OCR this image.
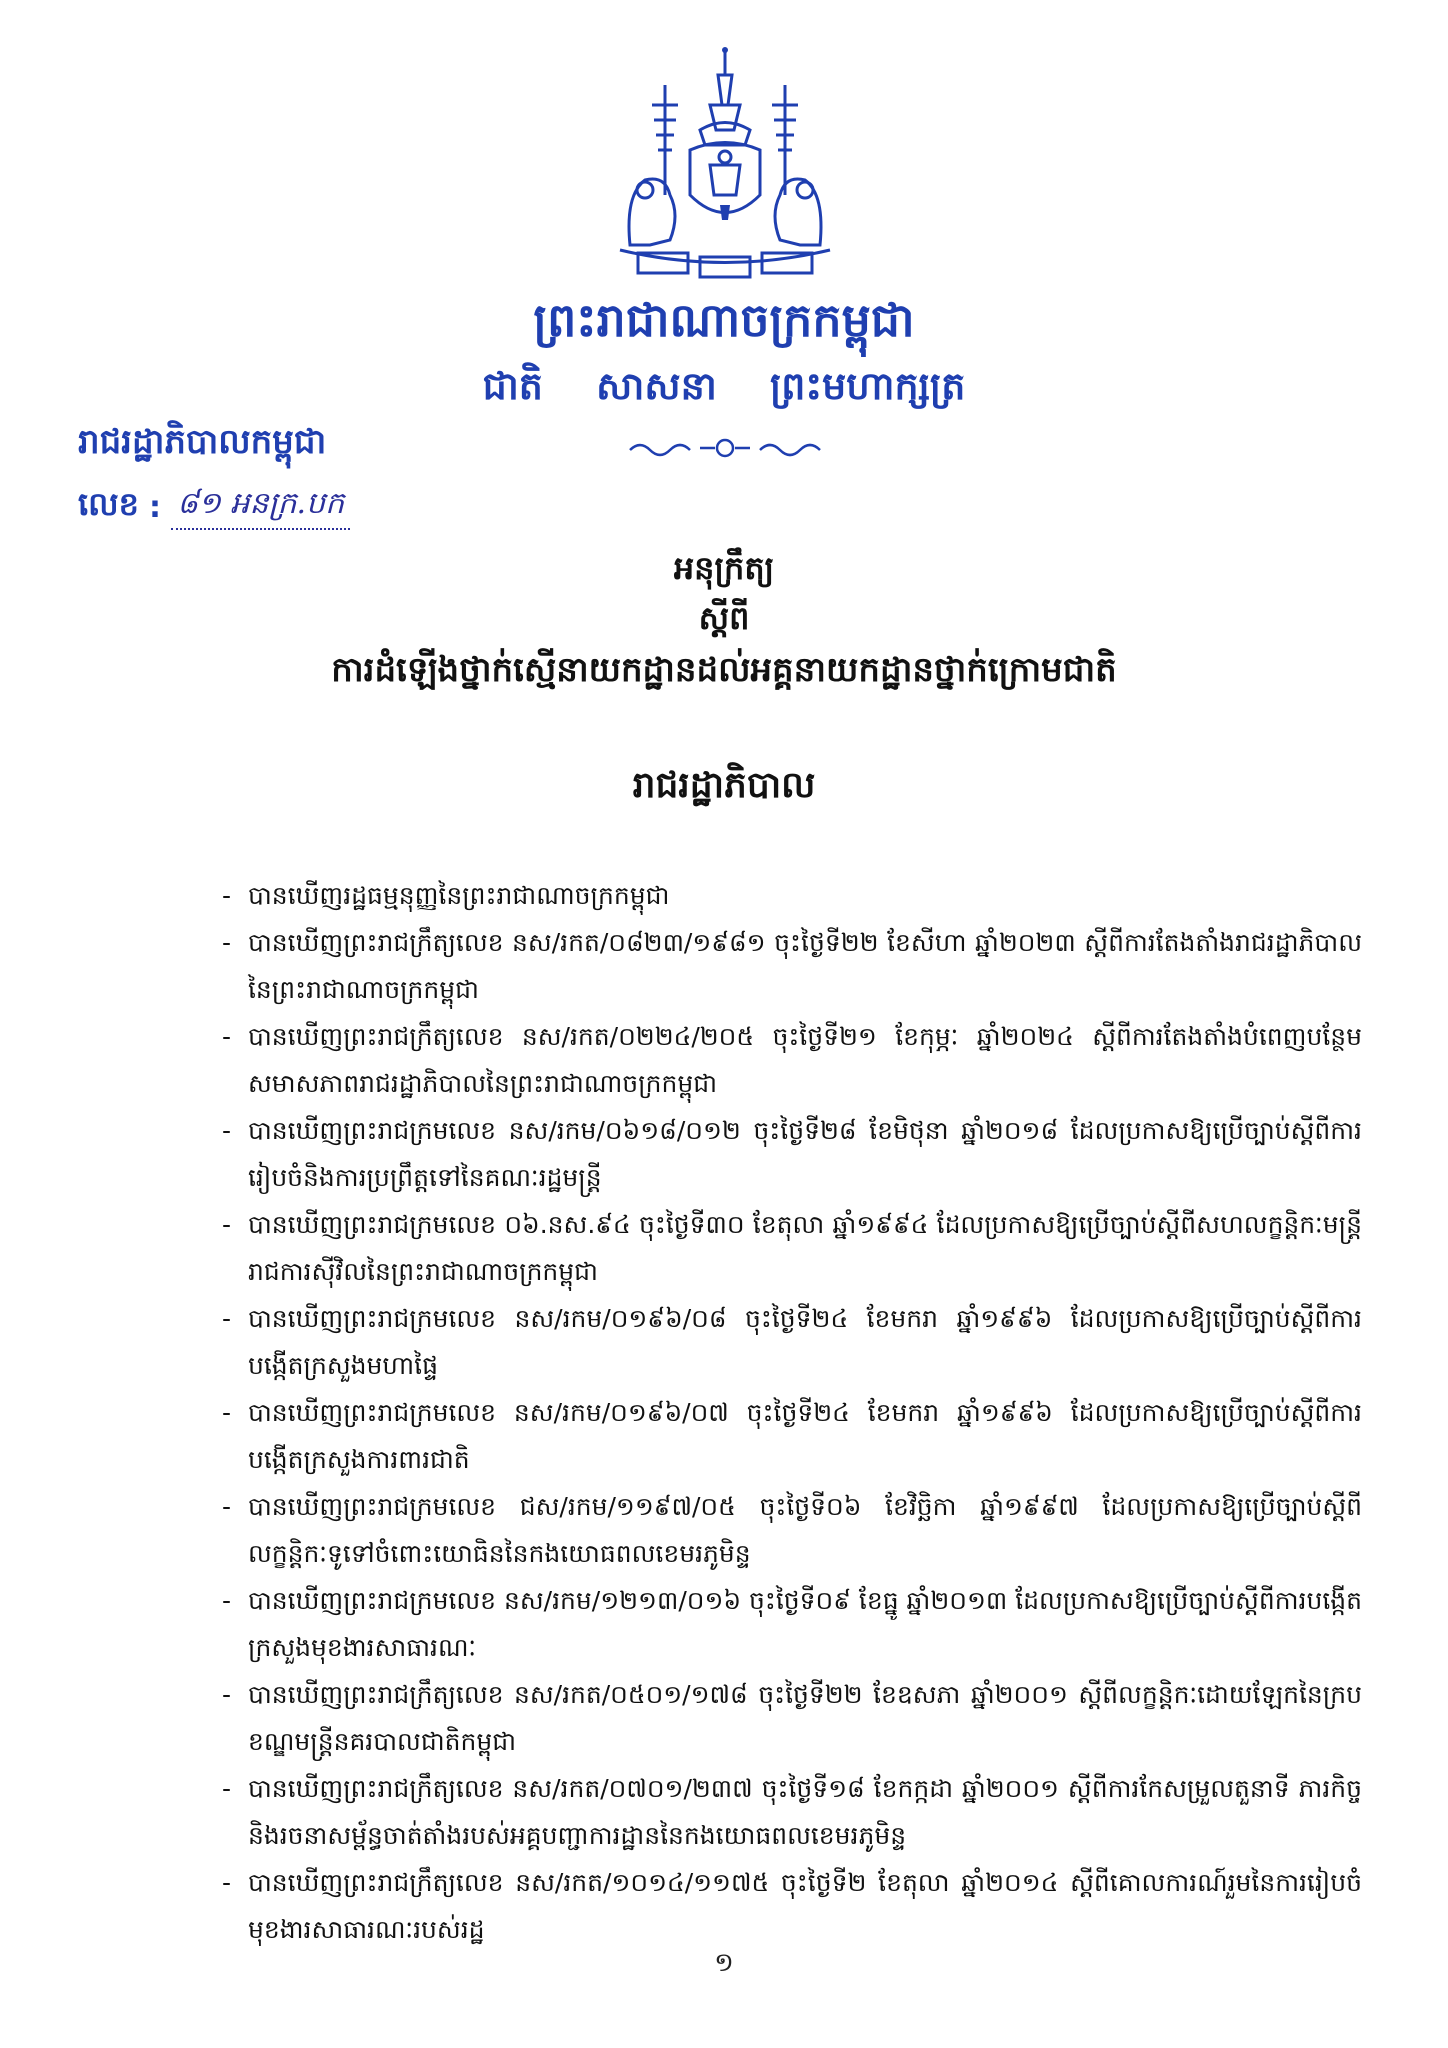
ព្រះរាជាណាចក្រកម្ពុជា
ជាតិ សាសនា ព្រះមហាក្សត្រ
រាជរដ្ឋាភិបាលកម្ពុជា
លេខ : ៨១ អនក្រ.បក
អនុក្រឹត្យ
ស្តីពី
ការដំឡើងថ្នាក់ស្មើនាយកដ្ឋានដល់អគ្គនាយកដ្ឋានថ្នាក់ក្រោមជាតិ
រាជរដ្ឋាភិបាល
- បានឃើញរដ្ឋធម្មនុញ្ញនៃព្រះរាជាណាចក្រកម្ពុជា
- បានឃើញព្រះរាជក្រឹត្យលេខ នស/រកត/០៨២៣/១៩៨១ ចុះថ្ងៃទី២២ ខែសីហា ឆ្នាំ២០២៣ ស្តីពីការតែងតាំងរាជរដ្ឋាភិបាលនៃព្រះរាជាណាចក្រកម្ពុជា
- បានឃើញព្រះរាជក្រឹត្យលេខ នស/រកត/០២២៤/២០៥ ចុះថ្ងៃទី២១ ខែកុម្ភៈ ឆ្នាំ២០២៤ ស្តីពីការតែងតាំងបំពេញបន្ថែមសមាសភាពរាជរដ្ឋាភិបាលនៃព្រះរាជាណាចក្រកម្ពុជា
- បានឃើញព្រះរាជក្រមលេខ នស/រកម/០៦១៨/០១២ ចុះថ្ងៃទី២៨ ខែមិថុនា ឆ្នាំ២០១៨ ដែលប្រកាសឱ្យប្រើច្បាប់ស្តីពីការរៀបចំនិងការប្រព្រឹត្តទៅនៃគណៈរដ្ឋមន្ត្រី
- បានឃើញព្រះរាជក្រមលេខ ០៦.នស.៩៤ ចុះថ្ងៃទី៣០ ខែតុលា ឆ្នាំ១៩៩៤ ដែលប្រកាសឱ្យប្រើច្បាប់ស្តីពីសហលក្ខន្តិកៈមន្ត្រីរាជការស៊ីវិលនៃព្រះរាជាណាចក្រកម្ពុជា
- បានឃើញព្រះរាជក្រមលេខ នស/រកម/០១៩៦/០៨ ចុះថ្ងៃទី២៤ ខែមករា ឆ្នាំ១៩៩៦ ដែលប្រកាសឱ្យប្រើច្បាប់ស្តីពីការបង្កើតក្រសួងមហាផ្ទៃ
- បានឃើញព្រះរាជក្រមលេខ នស/រកម/០១៩៦/០៧ ចុះថ្ងៃទី២៤ ខែមករា ឆ្នាំ១៩៩៦ ដែលប្រកាសឱ្យប្រើច្បាប់ស្តីពីការបង្កើតក្រសួងការពារជាតិ
- បានឃើញព្រះរាជក្រមលេខ ជស/រកម/១១៩៧/០៥ ចុះថ្ងៃទី០៦ ខែវិច្ឆិកា ឆ្នាំ១៩៩៧ ដែលប្រកាសឱ្យប្រើច្បាប់ស្តីពីលក្ខន្តិកៈទូទៅចំពោះយោធិននៃកងយោធពលខេមរភូមិន្ទ
- បានឃើញព្រះរាជក្រមលេខ នស/រកម/១២១៣/០១៦ ចុះថ្ងៃទី០៩ ខែធ្នូ ឆ្នាំ២០១៣ ដែលប្រកាសឱ្យប្រើច្បាប់ស្តីពីការបង្កើតក្រសួងមុខងារសាធារណៈ
- បានឃើញព្រះរាជក្រឹត្យលេខ នស/រកត/០៥០១/១៧៨ ចុះថ្ងៃទី២២ ខែឧសភា ឆ្នាំ២០០១ ស្តីពីលក្ខន្តិកៈដោយឡែកនៃក្របខណ្ឌមន្ត្រីនគរបាលជាតិកម្ពុជា
- បានឃើញព្រះរាជក្រឹត្យលេខ នស/រកត/០៧០១/២៣៧ ចុះថ្ងៃទី១៨ ខែកក្កដា ឆ្នាំ២០០១ ស្តីពីការកែសម្រួលតួនាទី ភារកិច្ច និងរចនាសម្ព័ន្ធចាត់តាំងរបស់អគ្គបញ្ជាការដ្ឋាននៃកងយោធពលខេមរភូមិន្ទ
- បានឃើញព្រះរាជក្រឹត្យលេខ នស/រកត/១០១៤/១១៧៥ ចុះថ្ងៃទី២ ខែតុលា ឆ្នាំ២០១៤ ស្តីពីគោលការណ៍រួមនៃការរៀបចំមុខងារសាធារណៈរបស់រដ្ឋ
១
